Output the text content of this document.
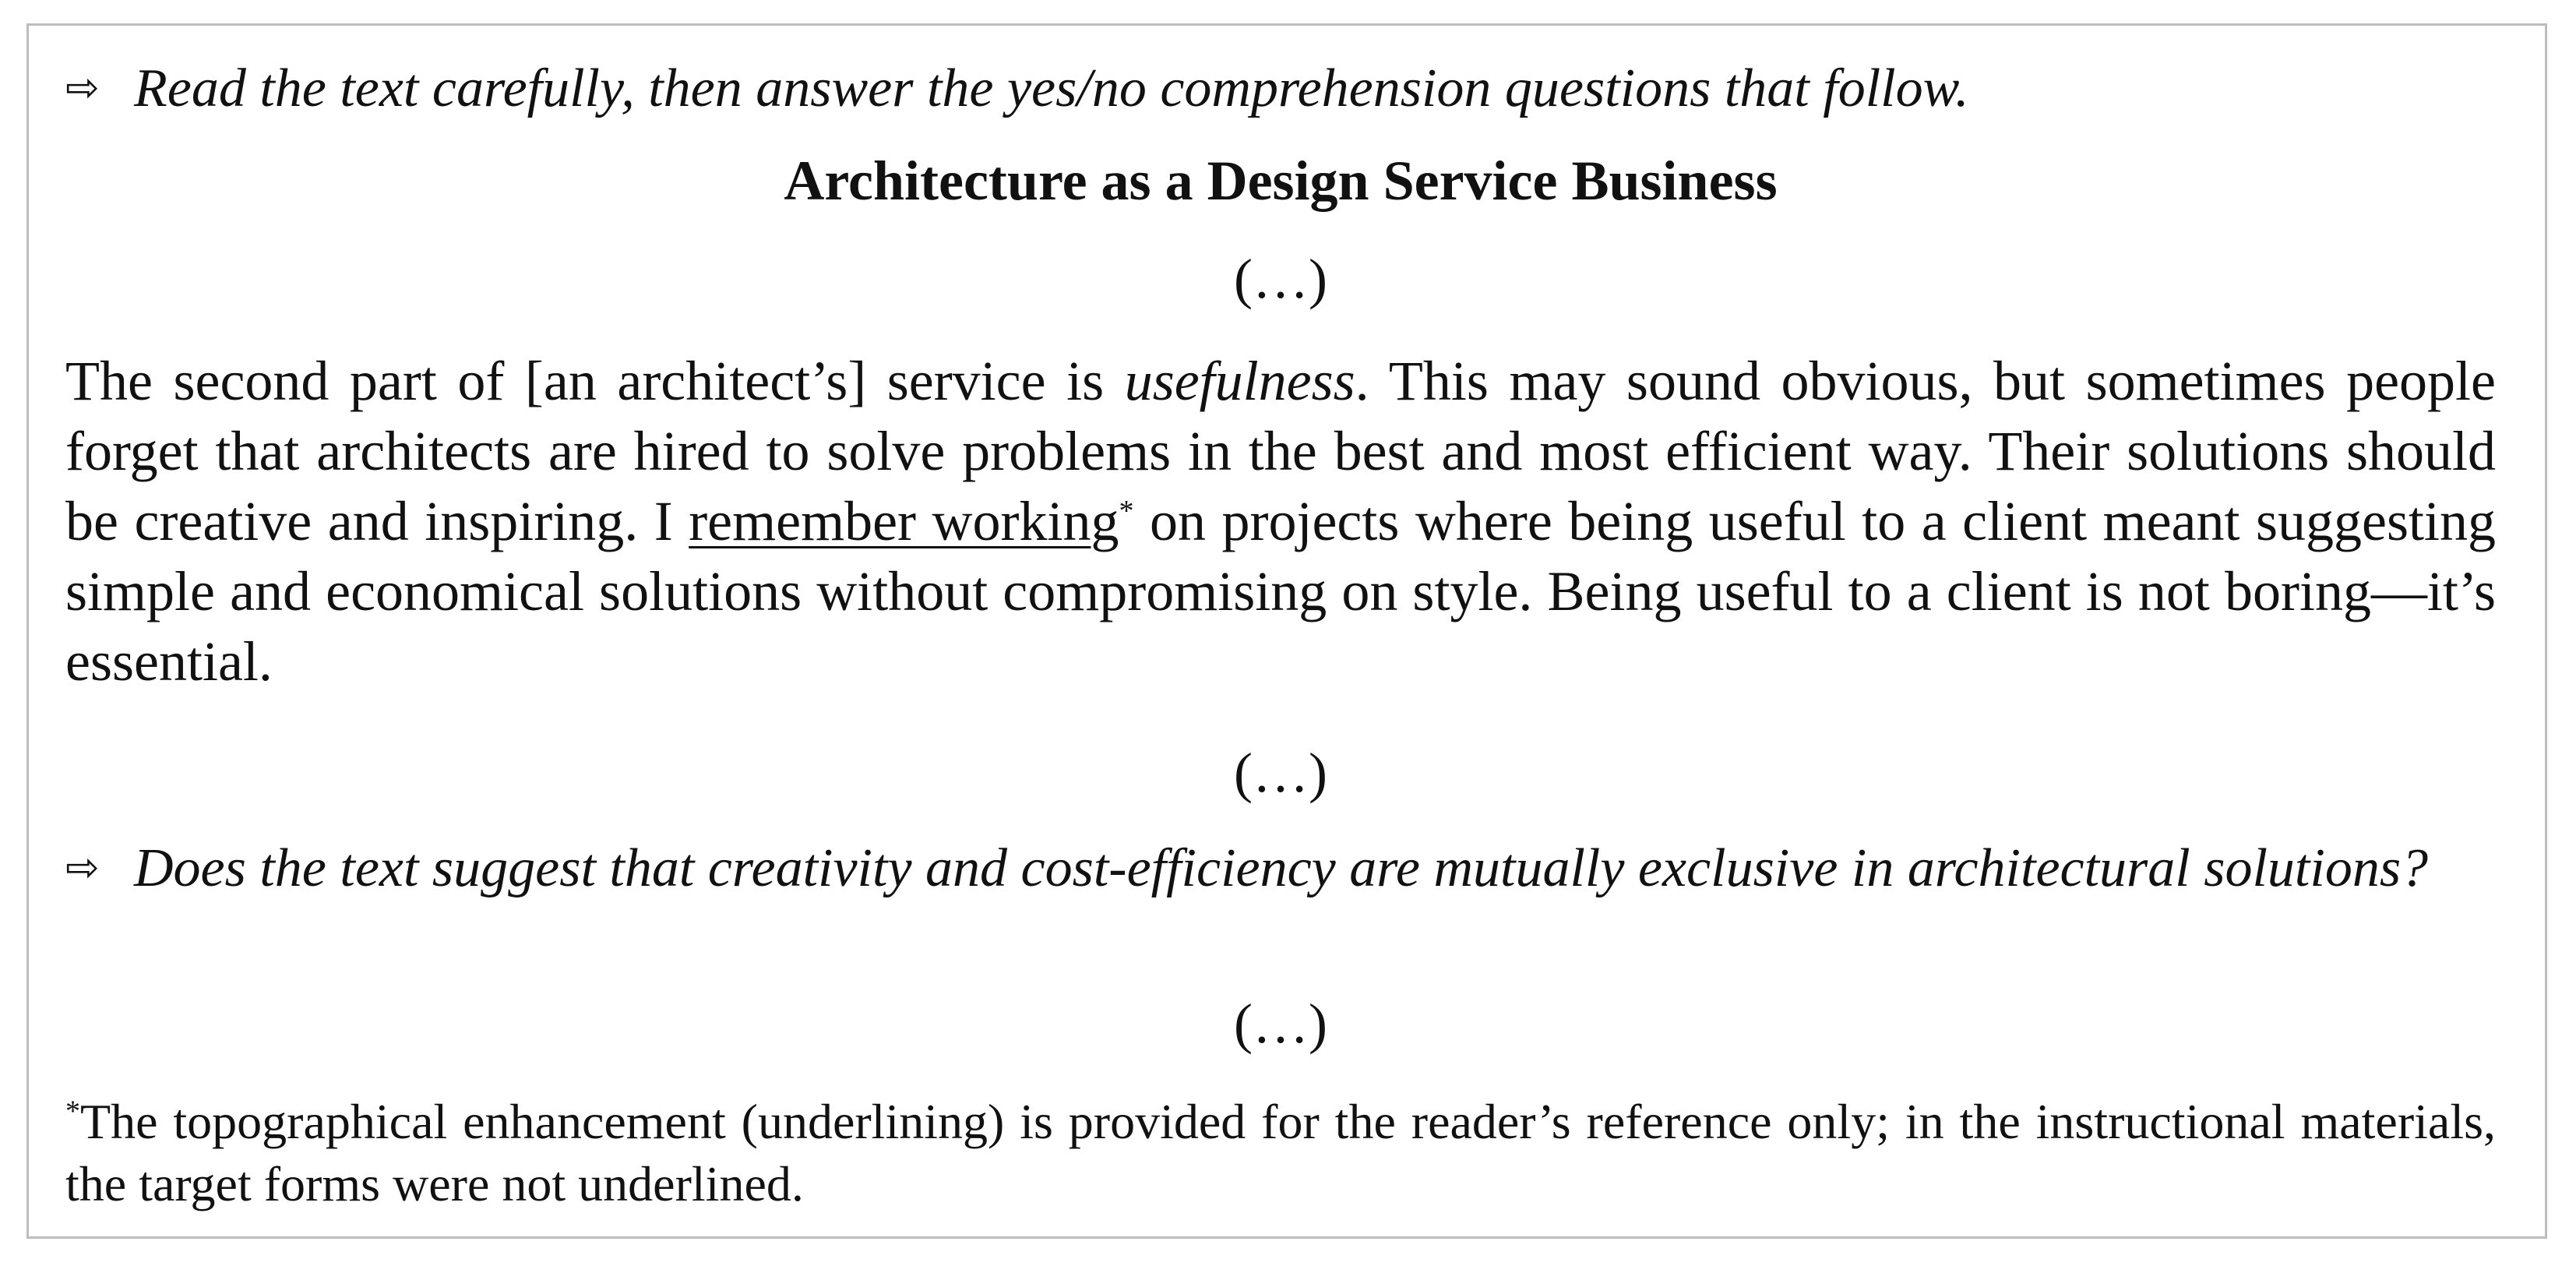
⇨ Read the text carefully, then answer the yes/no comprehension questions that follow.
Architecture as a Design Service Business
(…)
The second part of [an architect’s] service is usefulness. This may sound obvious, but sometimes people forget that architects are hired to solve problems in the best and most efficient way. Their solutions should be creative and inspiring. I remember working* on projects where being useful to a client meant suggesting simple and economical solutions without compromising on style. Being useful to a client is not boring—it’s essential.
(…)
⇨ Does the text suggest that creativity and cost-efficiency are mutually exclusive in architectural solutions?
(…)
*The topographical enhancement (underlining) is provided for the reader’s reference only; in the instructional materials, the target forms were not underlined.
